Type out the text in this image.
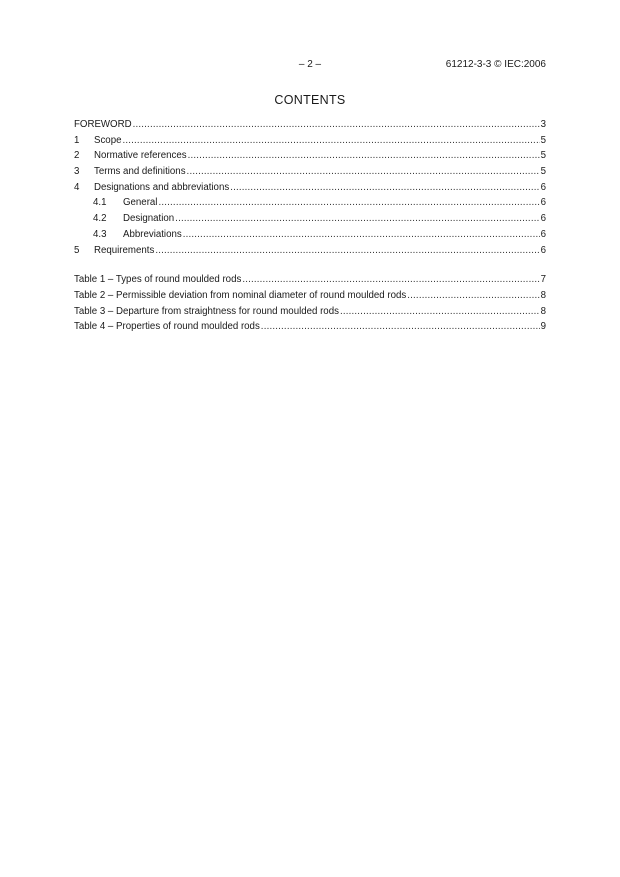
– 2 –	61212-3-3 © IEC:2006
CONTENTS
FOREWORD .....	3
1	Scope .....	5
2	Normative references .....	5
3	Terms and definitions .....	5
4	Designations and abbreviations .....	6
4.1	General .....	6
4.2	Designation .....	6
4.3	Abbreviations .....	6
5	Requirements .....	6
Table 1 – Types of round moulded rods .....	7
Table 2 – Permissible deviation from nominal diameter of round moulded rods .....	8
Table 3 – Departure from straightness for round moulded rods .....	8
Table 4 – Properties of round moulded rods .....	9
